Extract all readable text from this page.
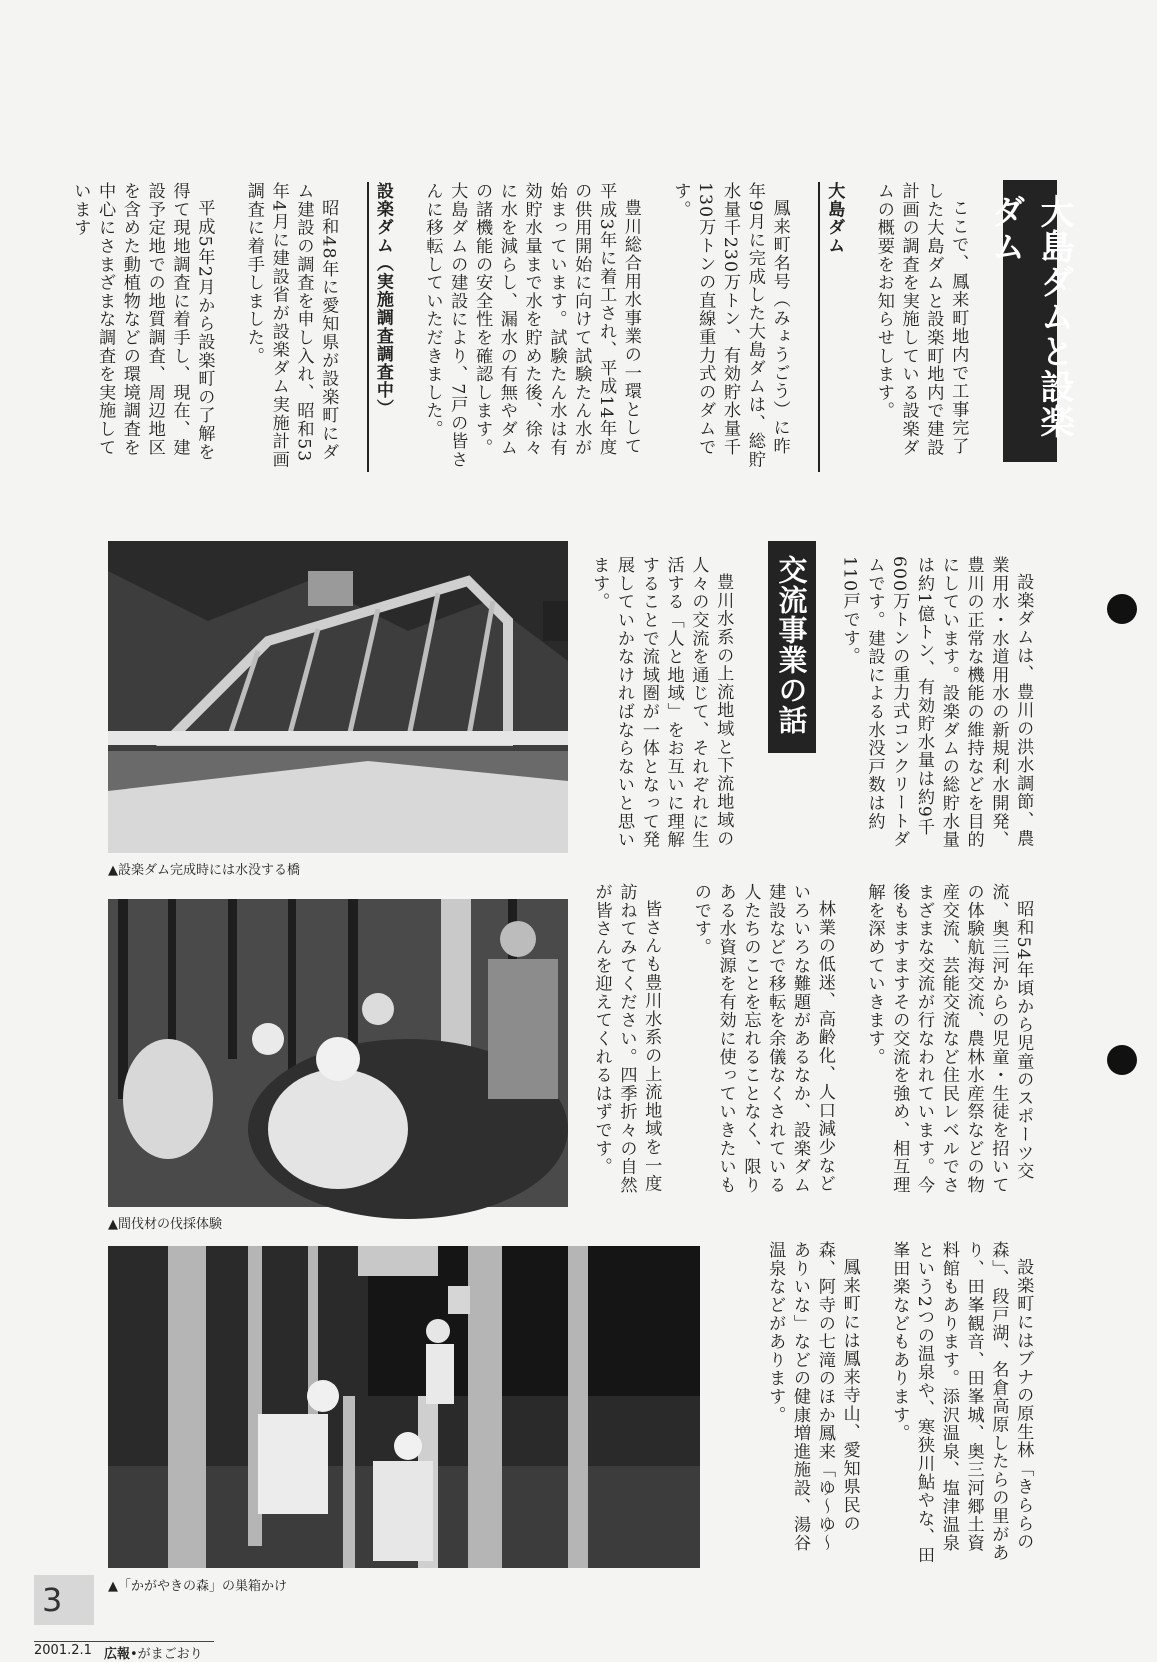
大島ダムと設楽ダム

ここで、鳳来町地内で工事完了した大島ダムと設楽町地内で建設計画の調査を実施している設楽ダムの概要をお知らせします。

大島ダム

鳳来町名号（みょうごう）に昨年9月に完成した大島ダムは、総貯水量千230万トン、有効貯水量千130万トンの直線重力式のダムです。

豊川総合用水事業の一環として平成3年に着工され、平成14年度の供用開始に向けて試験たん水が始まっています。試験たん水は有効貯水量まで水を貯めた後、徐々に水を減らし、漏水の有無やダムの諸機能の安全性を確認します。大島ダムの建設により、7戸の皆さんに移転していただきました。

設楽ダム（実施調査調査中）

昭和48年に愛知県が設楽町にダム建設の調査を申し入れ、昭和53年4月に建設省が設楽ダム実施計画調査に着手しました。

平成5年2月から設楽町の了解を得て現地調査に着手し、現在、建設予定地での地質調査、周辺地区を含めた動植物などの環境調査を中心にさまざまな調査を実施しています

設楽ダムは、豊川の洪水調節、農業用水・水道用水の新規利水開発、豊川の正常な機能の維持などを目的にしています。設楽ダムの総貯水量は約1億トン、有効貯水量は約9千600万トンの重力式コンクリートダムです。建設による水没戸数は約110戸です。

交流事業の話

豊川水系の上流地域と下流地域の人々の交流を通じて、それぞれに生活する「人と地域」をお互いに理解することで流域圏が一体となって発展していかなければならないと思います。

昭和54年頃から児童のスポーツ交流、奥三河からの児童・生徒を招いての体験航海交流、農林水産祭などの物産交流、芸能交流など住民レベルでさまざまな交流が行なわれています。今後もますますその交流を強め、相互理解を深めていきます。

林業の低迷、高齢化、人口減少などいろいろな難題があるなか、設楽ダム建設などで移転を余儀なくされている人たちのことを忘れることなく、限りある水資源を有効に使っていきたいものです。

皆さんも豊川水系の上流地域を一度訪ねてみてください。四季折々の自然が皆さんを迎えてくれるはずです。

設楽町にはブナの原生林「きららの森」、段戸湖、名倉高原したらの里があり、田峯観音、田峯城、奥三河郷土資料館もあります。添沢温泉、塩津温泉という2つの温泉や、寒狭川鮎やな、田峯田楽などもあります。

鳳来町には鳳来寺山、愛知県民の森、阿寺の七滝のほか鳳来「ゆ〜ゆ〜ありいな」などの健康増進施設、湯谷温泉などがあります。

▲設楽ダム完成時には水没する橋
▲間伐材の伐採体験
▲「かがやきの森」の巣箱かけ
3
2001.2.1 広報•がまごおり
